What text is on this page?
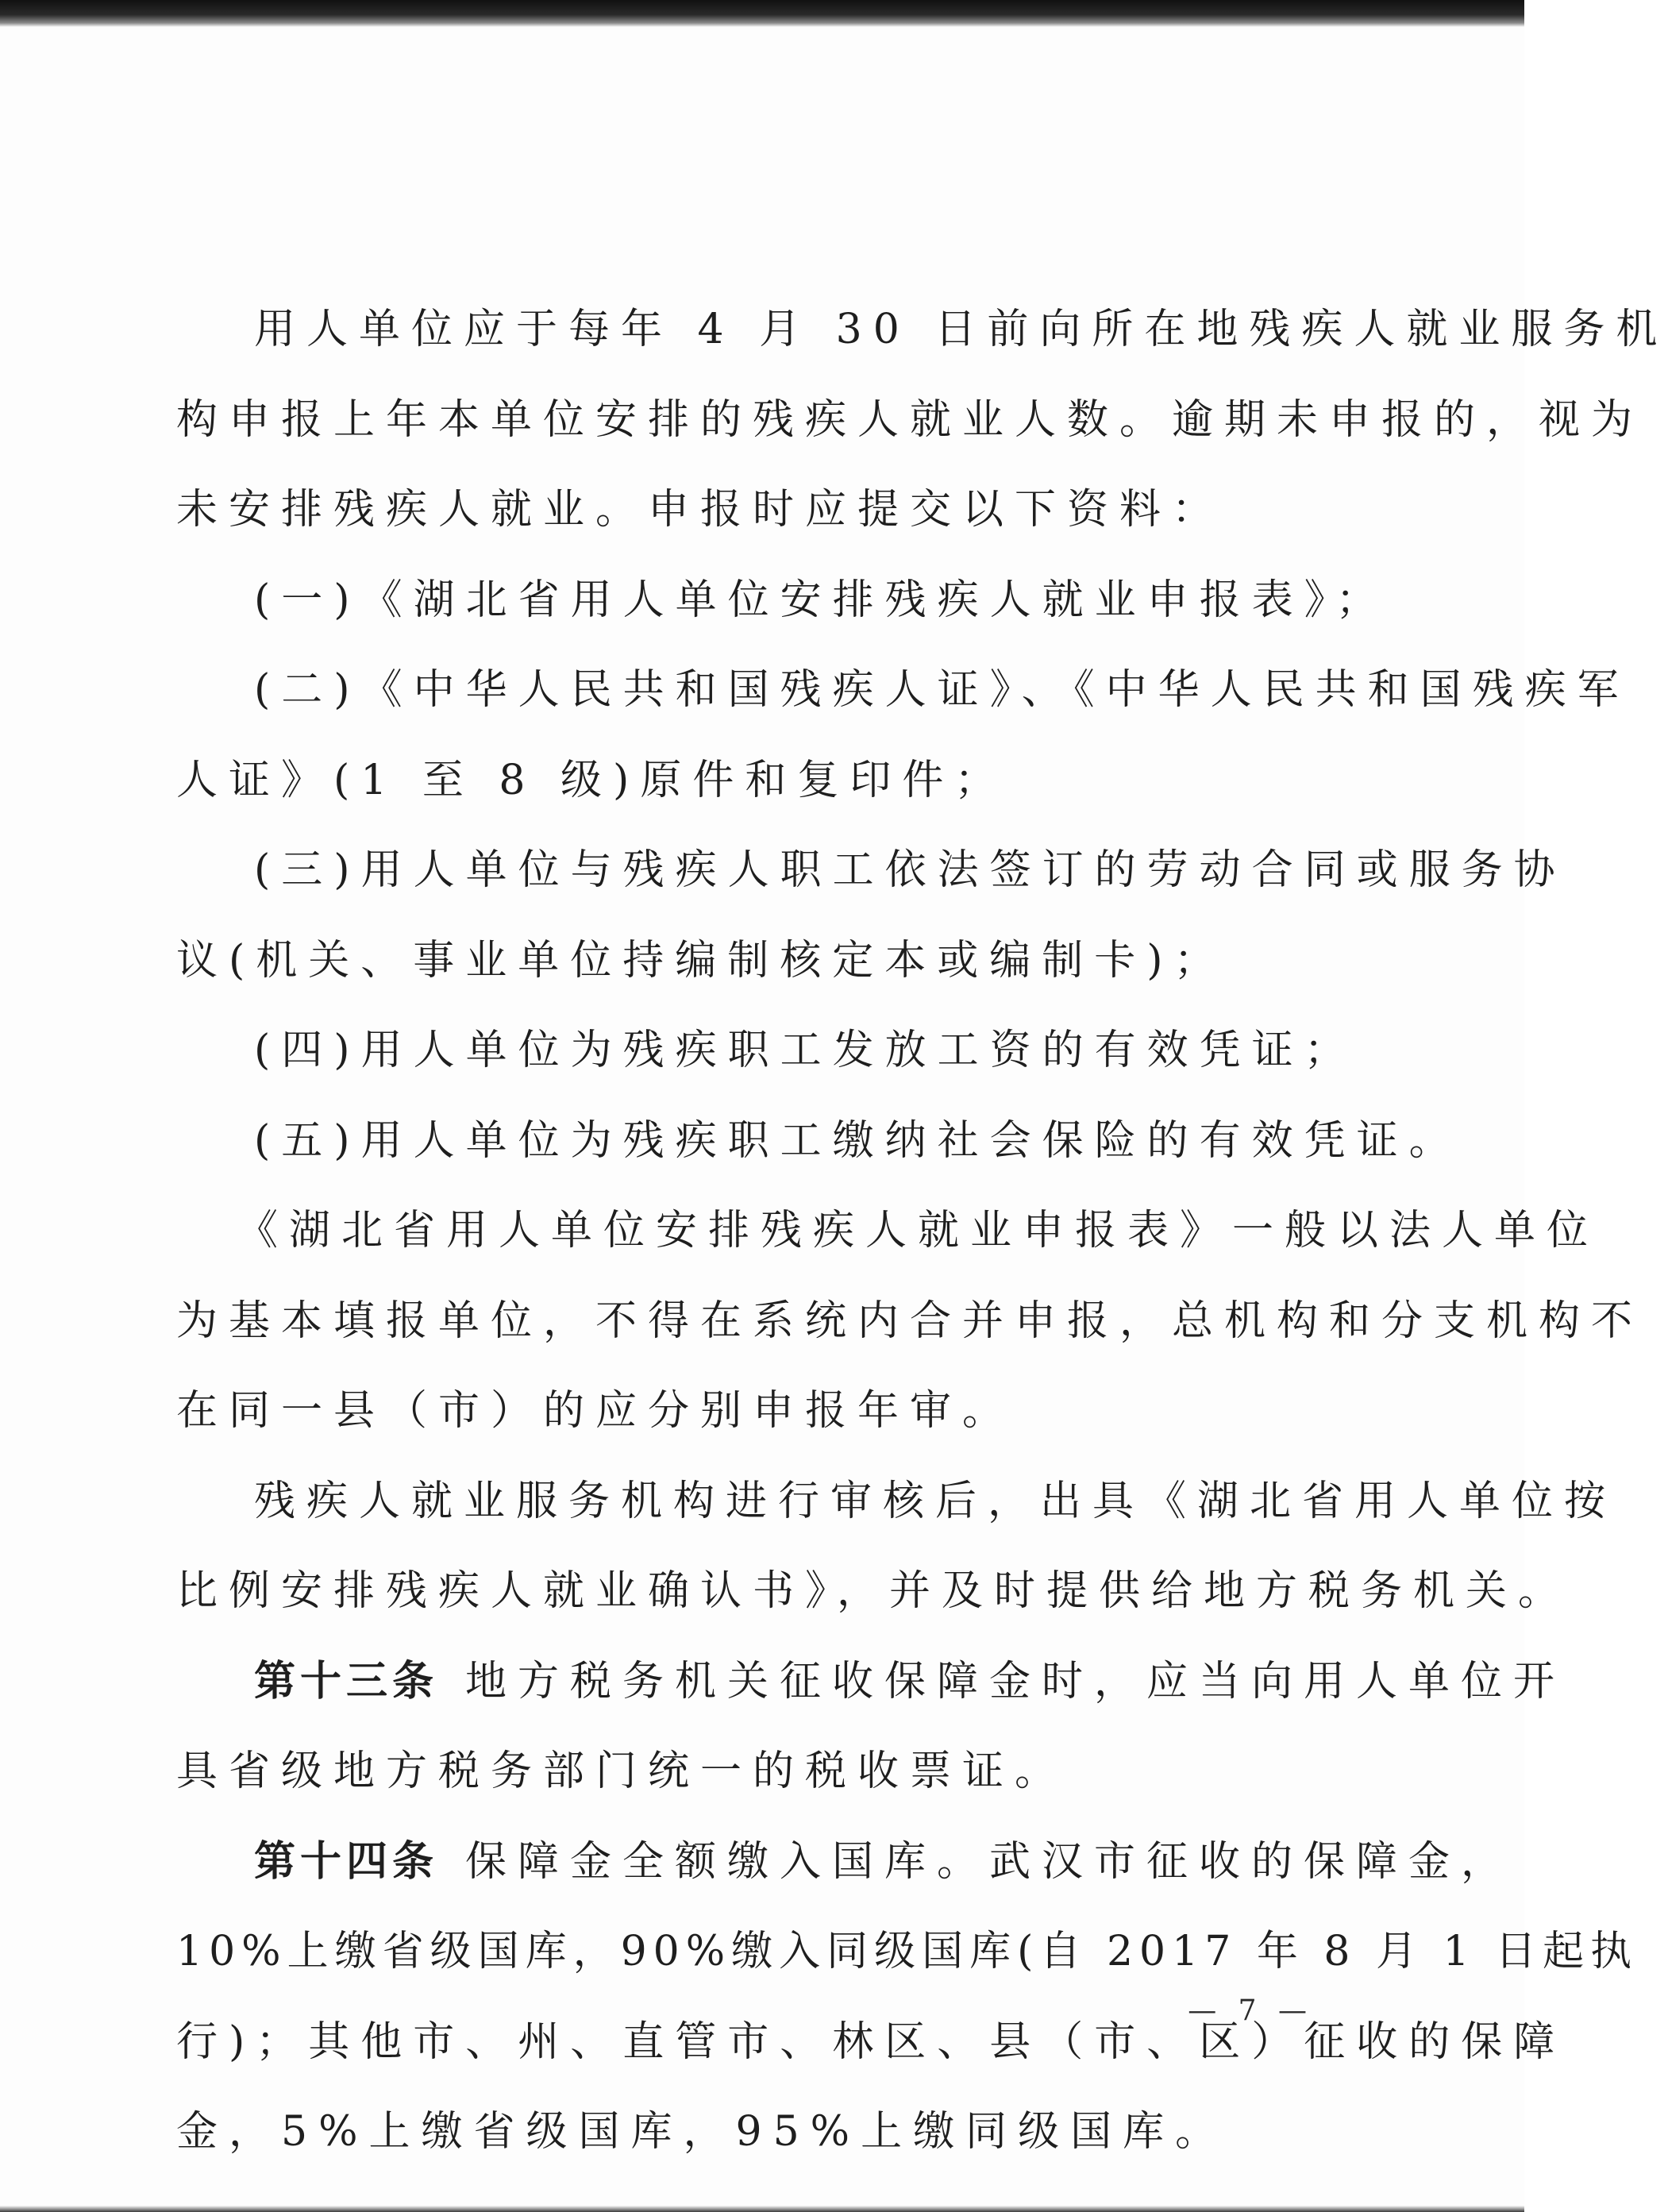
用人单位应于每年 4 月 30 日前向所在地残疾人就业服务机
构申报上年本单位安排的残疾人就业人数。逾期未申报的，视为
未安排残疾人就业。申报时应提交以下资料：
(一)《湖北省用人单位安排残疾人就业申报表》；
(二)《中华人民共和国残疾人证》、《中华人民共和国残疾军
人证》(1 至 8 级)原件和复印件；
(三)用人单位与残疾人职工依法签订的劳动合同或服务协
议(机关、事业单位持编制核定本或编制卡)；
(四)用人单位为残疾职工发放工资的有效凭证；
(五)用人单位为残疾职工缴纳社会保险的有效凭证。
《湖北省用人单位安排残疾人就业申报表》一般以法人单位
为基本填报单位，不得在系统内合并申报，总机构和分支机构不
在同一县（市）的应分别申报年审。
残疾人就业服务机构进行审核后，出具《湖北省用人单位按
比例安排残疾人就业确认书》，并及时提供给地方税务机关。
第十三条 地方税务机关征收保障金时，应当向用人单位开
具省级地方税务部门统一的税收票证。
第十四条 保障金全额缴入国库。武汉市征收的保障金，
10%上缴省级国库，90%缴入同级国库(自 2017 年 8 月 1 日起执
行)；其他市、州、直管市、林区、县（市、区）征收的保障
金，5%上缴省级国库，95%上缴同级国库。
— 7 —
